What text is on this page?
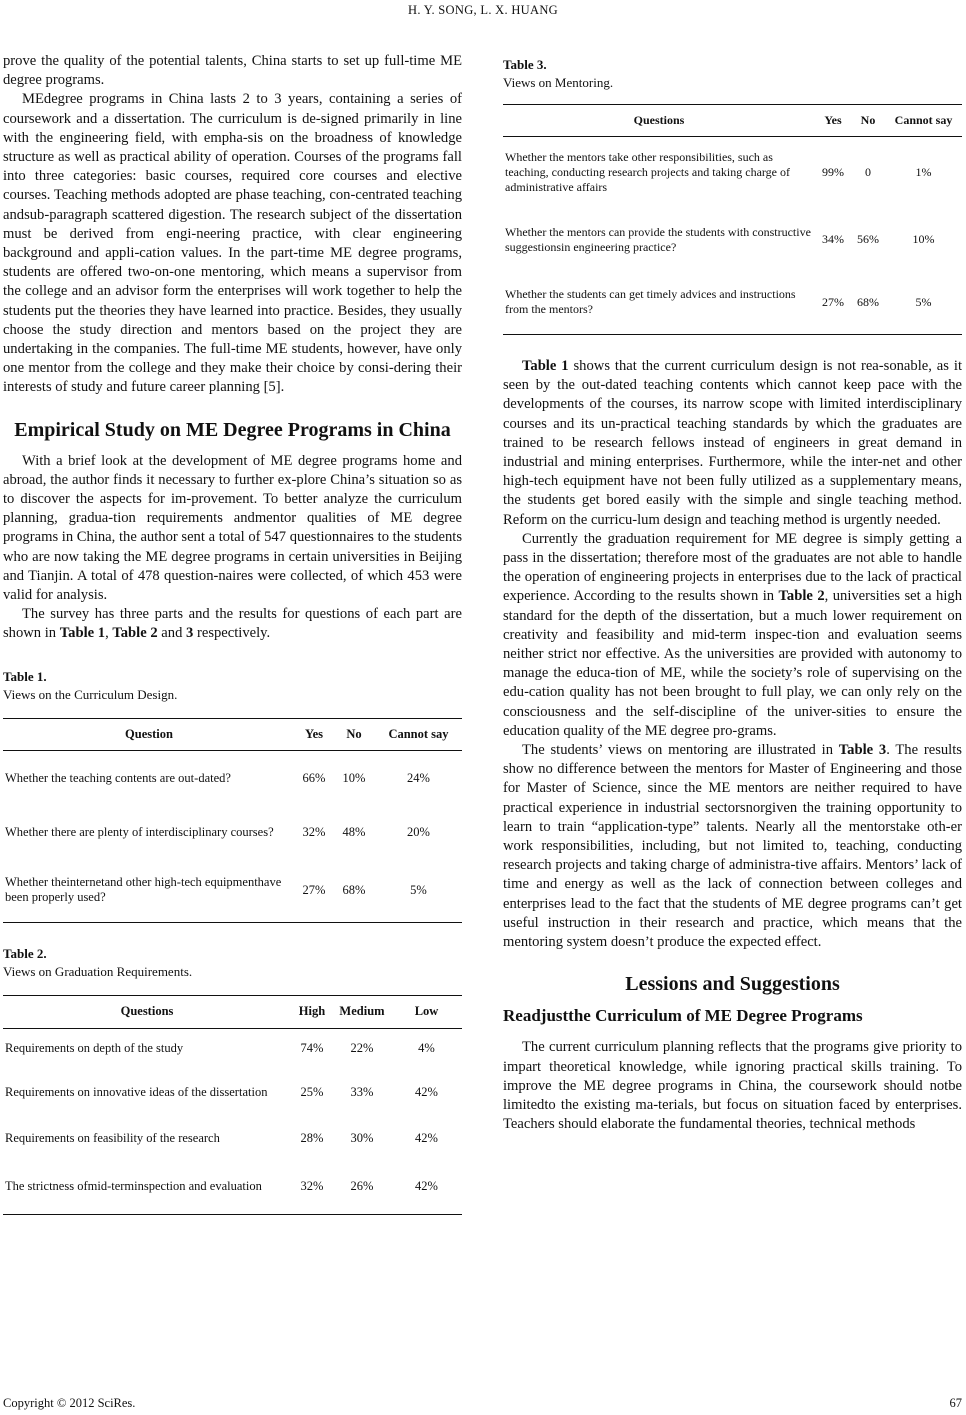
H. Y. SONG, L. X. HUANG

prove the quality of the potential talents, China starts to set up full-time ME degree programs.

MEdegree programs in China lasts 2 to 3 years, containing a series of coursework and a dissertation. The curriculum is de-signed primarily in line with the engineering field, with empha-sis on the broadness of knowledge structure as well as practical ability of operation. Courses of the programs fall into three categories: basic courses, required core courses and elective courses. Teaching methods adopted are phase teaching, con-centrated teaching andsub-paragraph scattered digestion. The research subject of the dissertation must be derived from engi-neering practice, with clear engineering background and appli-cation values. In the part-time ME degree programs, students are offered two-on-one mentoring, which means a supervisor from the college and an advisor form the enterprises will work together to help the students put the theories they have learned into practice. Besides, they usually choose the study direction and mentors based on the project they are undertaking in the companies. The full-time ME students, however, have only one mentor from the college and they make their choice by consi-dering their interests of study and future career planning [5].

Empirical Study on ME Degree Programs in China

With a brief look at the development of ME degree programs home and abroad, the author finds it necessary to further ex-plore China’s situation so as to discover the aspects for im-provement. To better analyze the curriculum planning, gradua-tion requirements andmentor qualities of ME degree programs in China, the author sent a total of 547 questionnaires to the students who are now taking the ME degree programs in certain universities in Beijing and Tianjin. A total of 478 question-naires were collected, of which 453 were valid for analysis.

The survey has three parts and the results for questions of each part are shown in Table 1, Table 2 and 3 respectively.

Table 1.
Views on the Curriculum Design.
Question	Yes	No	Cannot say
Whether the teaching contents are out-dated?	66%	10%	24%
Whether there are plenty of interdisciplinary courses?	32%	48%	20%
Whether theinternetand other high-tech equipmenthave been properly used?	27%	68%	5%
Table 2.
Views on Graduation Requirements.
Questions	High	Medium	Low
Requirements on depth of the study	74%	22%	4%
Requirements on innovative ideas of the dissertation	25%	33%	42%
Requirements on feasibility of the research	28%	30%	42%
The strictness ofmid-terminspection and evaluation	32%	26%	42%
Table 3.
Views on Mentoring.
Questions	Yes	No	Cannot say
Whether the mentors take other responsibilities, such as teaching, conducting research projects and taking charge of administrative affairs	99%	0	1%
Whether the mentors can provide the students with constructive suggestionsin engineering practice?	34%	56%	10%
Whether the students can get timely advices and instructions from the mentors?	27%	68%	5%

Table 1 shows that the current curriculum design is not rea-sonable, as it seen by the out-dated teaching contents which cannot keep pace with the developments of the courses, its narrow scope with limited interdisciplinary courses and its un-practical teaching standards by which the graduates are trained to be research fellows instead of engineers in great demand in industrial and mining enterprises. Furthermore, while the inter-net and other high-tech equipment have not been fully utilized as a supplementary means, the students get bored easily with the simple and single teaching method. Reform on the curricu-lum design and teaching method is urgently needed.

Currently the graduation requirement for ME degree is simply getting a pass in the dissertation; therefore most of the graduates are not able to handle the operation of engineering projects in enterprises due to the lack of practical experience. According to the results shown in Table 2, universities set a high standard for the depth of the dissertation, but a much lower requirement on creativity and feasibility and mid-term inspec-tion and evaluation seems neither strict nor effective. As the universities are provided with autonomy to manage the educa-tion of ME, while the society’s role of supervising on the edu-cation quality has not been brought to full play, we can only rely on the consciousness and the self-discipline of the univer-sities to ensure the education quality of the ME degree pro-grams.

The students’ views on mentoring are illustrated in Table 3. The results show no difference between the mentors for Master of Engineering and those for Master of Science, since the ME mentors are neither required to have practical experience in industrial sectorsnorgiven the training opportunity to learn to train “application-type” talents. Nearly all the mentorstake oth-er work responsibilities, including, but not limited to, teaching, conducting research projects and taking charge of administra-tive affairs. Mentors’ lack of time and energy as well as the lack of connection between colleges and enterprises lead to the fact that the students of ME degree programs can’t get useful instruction in their research and practice, which means that the mentoring system doesn’t produce the expected effect.

Lessions and Suggestions
Readjustthe Curriculum of ME Degree Programs

The current curriculum planning reflects that the programs give priority to impart theoretical knowledge, while ignoring practical skills training. To improve the ME degree programs in China, the coursework should notbe limitedto the existing ma-terials, but focus on situation faced by enterprises. Teachers should elaborate the fundamental theories, technical methods

Copyright © 2012 SciRes.	67
